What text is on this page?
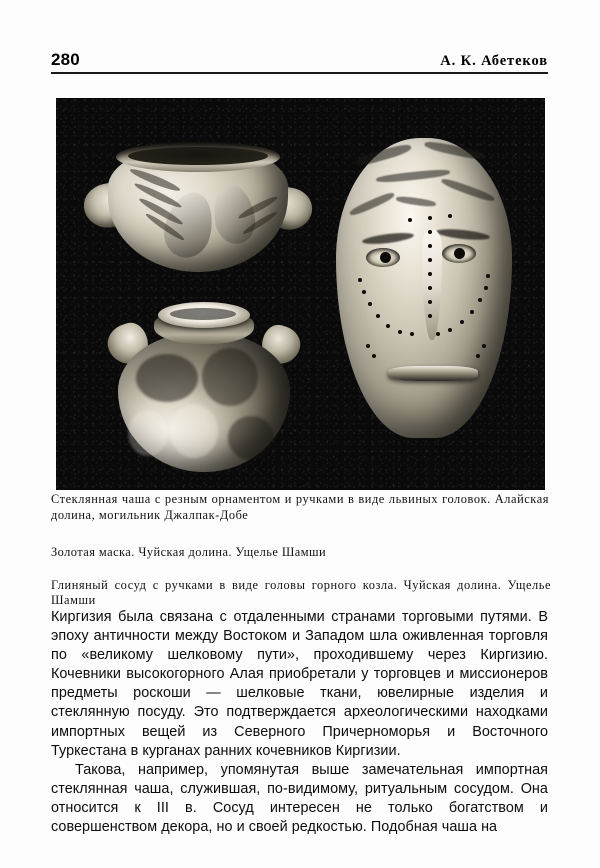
280	А. К. Абетеков
Стеклянная чаша с резным орнаментом и ручками в виде львиных головок. Алайская долина, могильник Джалпак-Добе
Золотая маска. Чуйская долина. Ущелье Шамши
Глиняный сосуд с ручками в виде головы горного козла. Чуйская долина. Ущелье Шамши

Киргизия была связана с отдаленными странами торговыми путями. В эпоху античности между Востоком и Западом шла оживленная торговля по «великому шелковому пути», проходившему через Киргизию. Кочевники высокогорного Алая приобретали у торговцев и миссионеров предметы роскоши — шелковые ткани, ювелирные изделия и стеклянную посуду. Это подтверждается археологическими находками импортных вещей из Северного Причерноморья и Восточного Туркестана в курганах ранних кочевников Киргизии.

Такова, например, упомянутая выше замечательная импортная стеклянная чаша, служившая, по-видимому, ритуальным сосудом. Она относится к III в. Сосуд интересен не только богатством и совершенством декора, но и своей редкостью. Подобная чаша на
